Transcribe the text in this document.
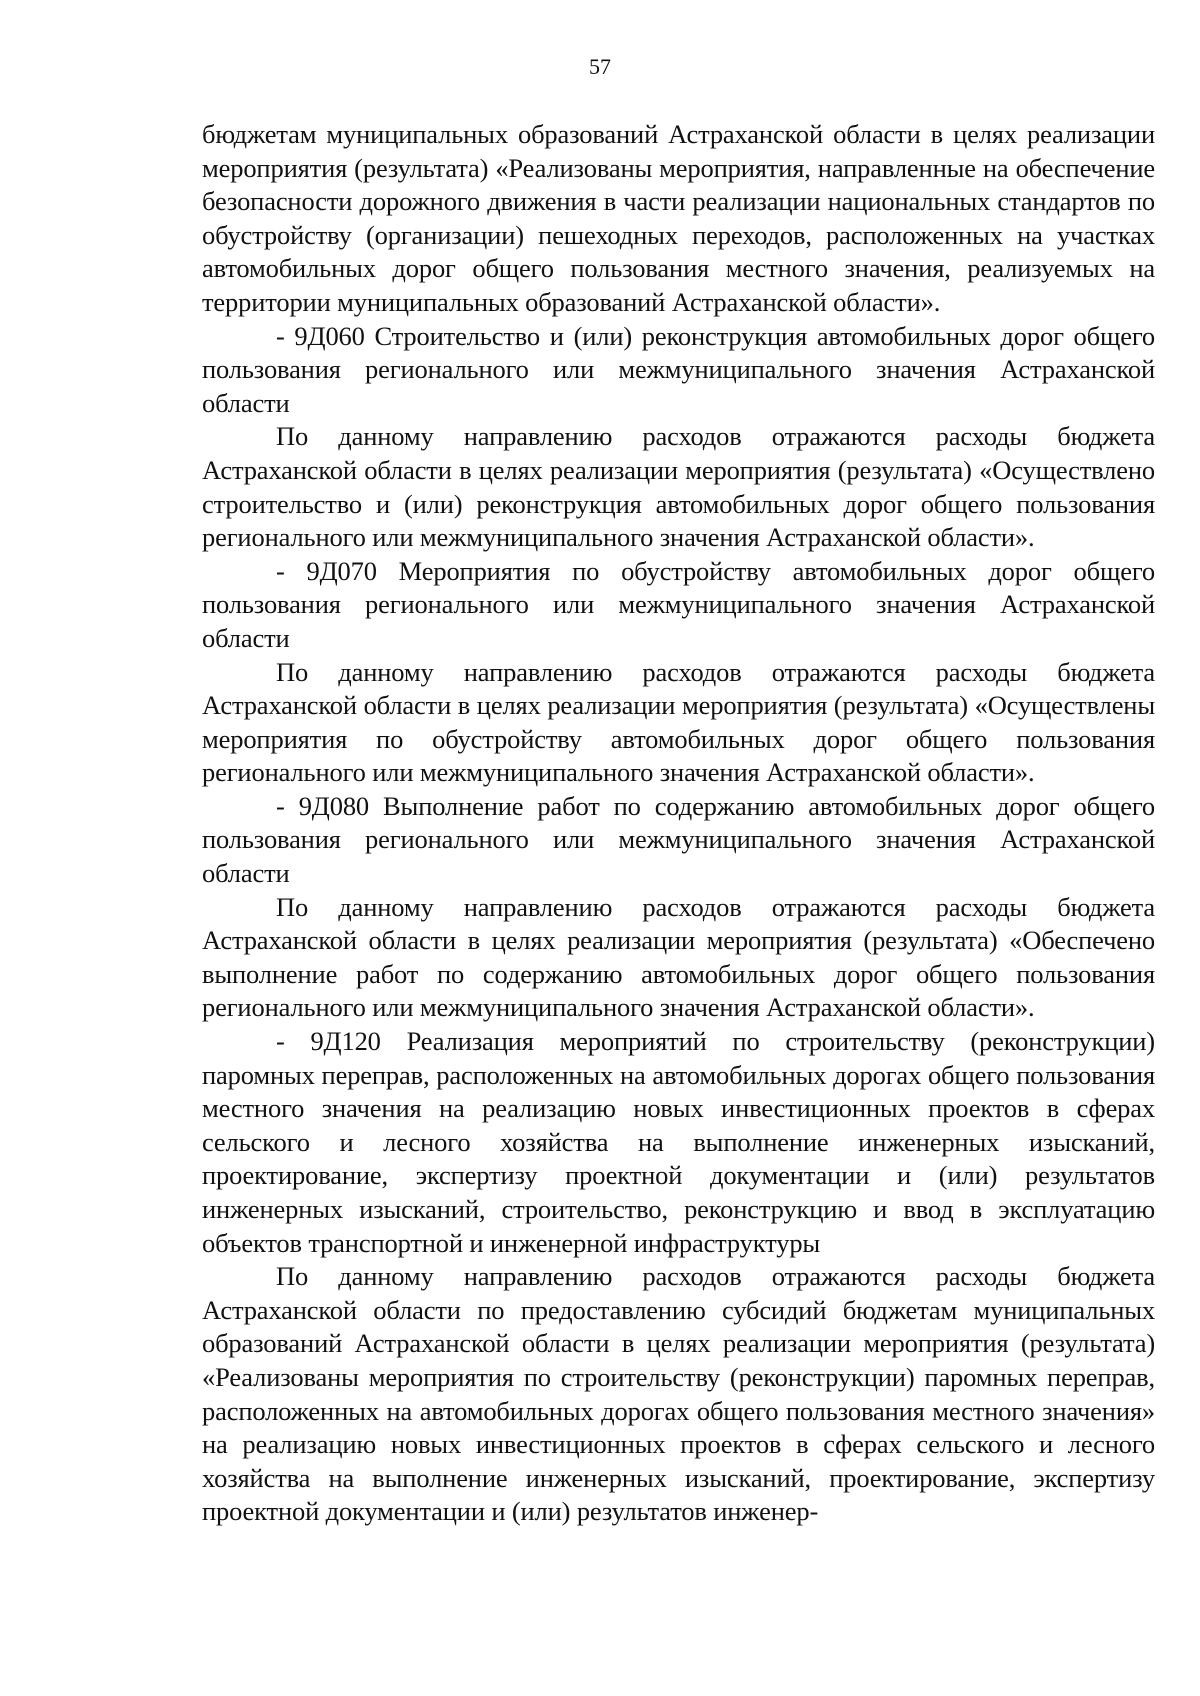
57

бюджетам муниципальных образований Астраханской области в целях реализации мероприятия (результата) «Реализованы мероприятия, направленные на обеспечение безопасности дорожного движения в части реализации национальных стандартов по обустройству (организации) пешеходных переходов, расположенных на участках автомобильных дорог общего пользования местного значения, реализуемых на территории муниципальных образований Астраханской области».

- 9Д060 Строительство и (или) реконструкция автомобильных дорог общего пользования регионального или межмуниципального значения Астраханской области

По данному направлению расходов отражаются расходы бюджета Астраханской области в целях реализации мероприятия (результата) «Осуществлено строительство и (или) реконструкция автомобильных дорог общего пользования регионального или межмуниципального значения Астраханской области».

- 9Д070 Мероприятия по обустройству автомобильных дорог общего пользования регионального или межмуниципального значения Астраханской области

По данному направлению расходов отражаются расходы бюджета Астраханской области в целях реализации мероприятия (результата) «Осуществлены мероприятия по обустройству автомобильных дорог общего пользования регионального или межмуниципального значения Астраханской области».

- 9Д080 Выполнение работ по содержанию автомобильных дорог общего пользования регионального или межмуниципального значения Астраханской области

По данному направлению расходов отражаются расходы бюджета Астраханской области в целях реализации мероприятия (результата) «Обеспечено выполнение работ по содержанию автомобильных дорог общего пользования регионального или межмуниципального значения Астраханской области».

- 9Д120 Реализация мероприятий по строительству (реконструкции) паромных переправ, расположенных на автомобильных дорогах общего пользования местного значения на реализацию новых инвестиционных проектов в сферах сельского и лесного хозяйства на выполнение инженерных изысканий, проектирование, экспертизу проектной документации и (или) результатов инженерных изысканий, строительство, реконструкцию и ввод в эксплуатацию объектов транспортной и инженерной инфраструктуры

По данному направлению расходов отражаются расходы бюджета Астраханской области по предоставлению субсидий бюджетам муниципальных образований Астраханской области в целях реализации мероприятия (результата) «Реализованы мероприятия по строительству (реконструкции) паромных переправ, расположенных на автомобильных дорогах общего пользования местного значения» на реализацию новых инвестиционных проектов в сферах сельского и лесного хозяйства на выполнение инженерных изысканий, проектирование, экспертизу проектной документации и (или) результатов инженер-
